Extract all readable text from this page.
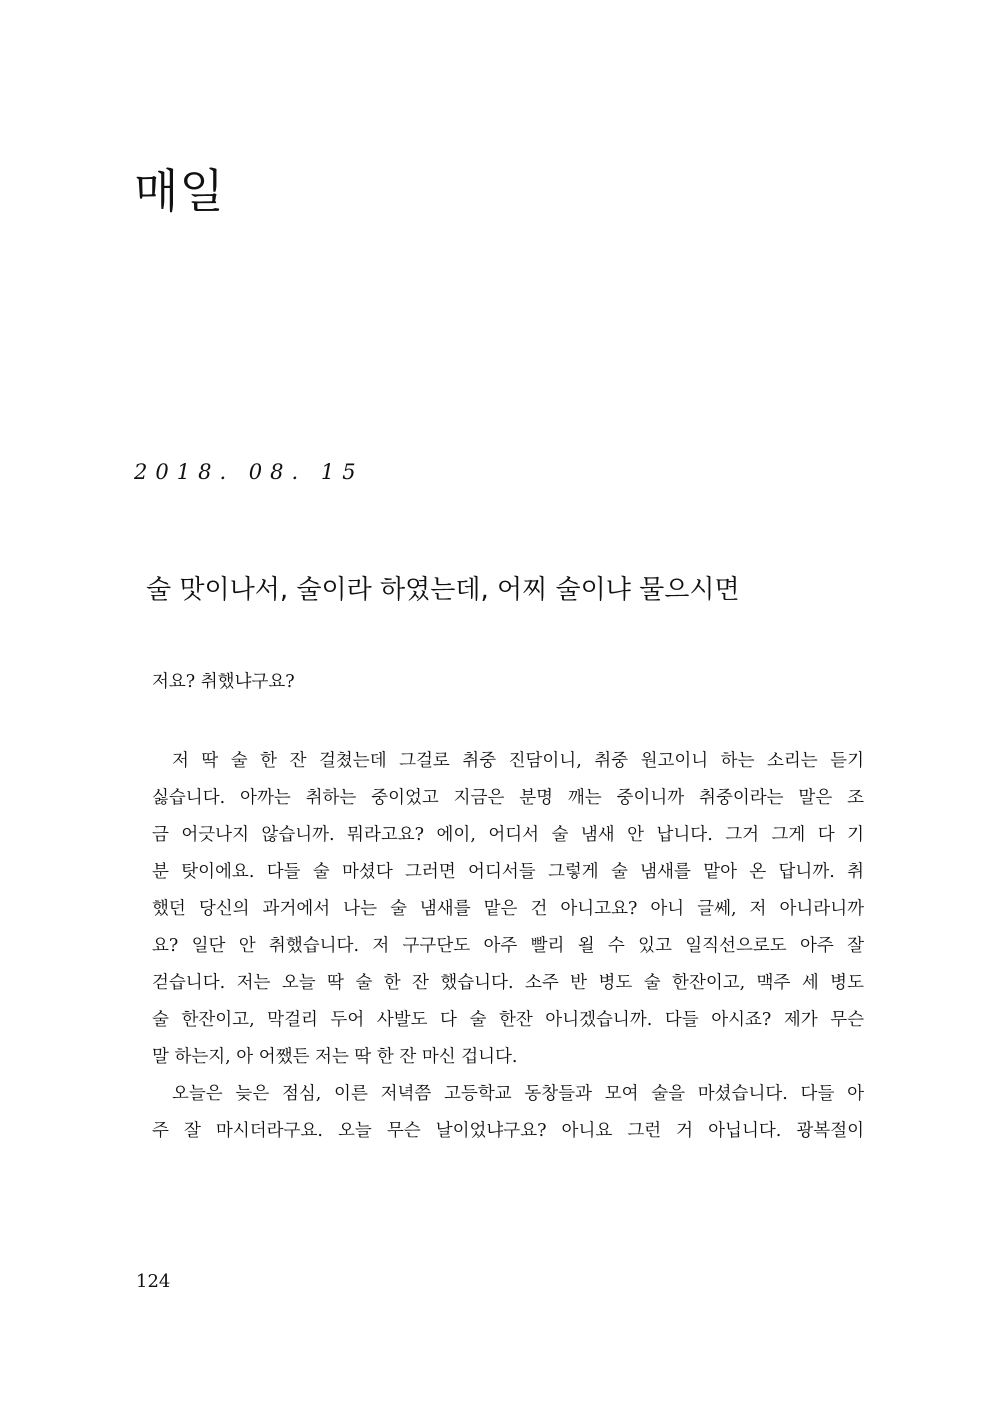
매일

2018. 08. 15

술 맛이나서, 술이라 하였는데, 어찌 술이냐 물으시면

저요? 취했냐구요?

저 딱 술 한 잔 걸쳤는데 그걸로 취중 진담이니, 취중 원고이니 하는 소리는 듣기
싫습니다. 아까는 취하는 중이었고 지금은 분명 깨는 중이니까 취중이라는 말은 조
금 어긋나지 않습니까. 뭐라고요? 에이, 어디서 술 냄새 안 납니다. 그거 그게 다 기
분 탓이에요. 다들 술 마셨다 그러면 어디서들 그렇게 술 냄새를 맡아 온 답니까. 취
했던 당신의 과거에서 나는 술 냄새를 맡은 건 아니고요? 아니 글쎄, 저 아니라니까
요? 일단 안 취했습니다. 저 구구단도 아주 빨리 욀 수 있고 일직선으로도 아주 잘
걷습니다. 저는 오늘 딱 술 한 잔 했습니다. 소주 반 병도 술 한잔이고, 맥주 세 병도
술 한잔이고, 막걸리 두어 사발도 다 술 한잔 아니겠습니까. 다들 아시죠? 제가 무슨
말 하는지, 아 어쨌든 저는 딱 한 잔 마신 겁니다.
오늘은 늦은 점심, 이른 저녁쯤 고등학교 동창들과 모여 술을 마셨습니다. 다들 아
주 잘 마시더라구요. 오늘 무슨 날이었냐구요? 아니요 그런 거 아닙니다. 광복절이

124
